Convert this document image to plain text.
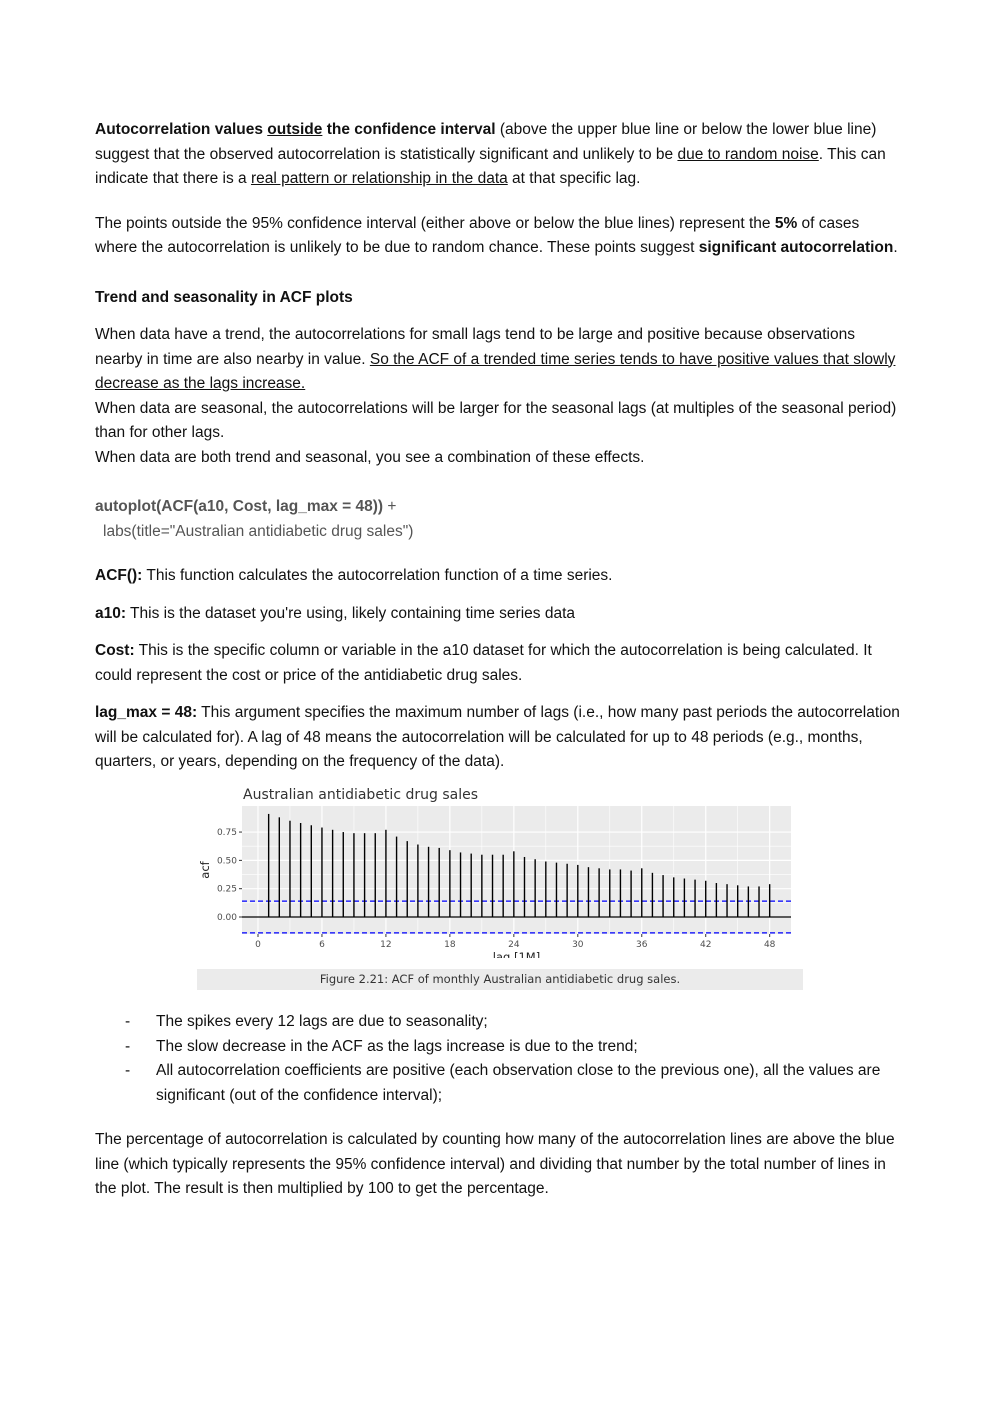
Autocorrelation values outside the confidence interval (above the upper blue line or below the lower blue line) suggest that the observed autocorrelation is statistically significant and unlikely to be due to random noise. This can indicate that there is a real pattern or relationship in the data at that specific lag.

The points outside the 95% confidence interval (either above or below the blue lines) represent the 5% of cases where the autocorrelation is unlikely to be due to random chance. These points suggest significant autocorrelation.

Trend and seasonality in ACF plots

When data have a trend, the autocorrelations for small lags tend to be large and positive because observations nearby in time are also nearby in value. So the ACF of a trended time series tends to have positive values that slowly decrease as the lags increase.

When data are seasonal, the autocorrelations will be larger for the seasonal lags (at multiples of the seasonal period) than for other lags.

When data are both trend and seasonal, you see a combination of these effects.

autoplot(ACF(a10, Cost, lag_max = 48)) +

labs(title="Australian antidiabetic drug sales")

ACF(): This function calculates the autocorrelation function of a time series.

a10: This is the dataset you're using, likely containing time series data

Cost: This is the specific column or variable in the a10 dataset for which the autocorrelation is being calculated. It could represent the cost or price of the antidiabetic drug sales.

lag_max = 48: This argument specifies the maximum number of lags (i.e., how many past periods the autocorrelation will be calculated for). A lag of 48 means the autocorrelation will be calculated for up to 48 periods (e.g., months, quarters, or years, depending on the frequency of the data).

Australian antidiabetic drug sales
0	6	12	18	24	30	36	42	48
0.00
0.25
0.50
0.75
lag [1M]
acf
Figure 2.21: ACF of monthly Australian antidiabetic drug sales.
- The spikes every 12 lags are due to seasonality;
- The slow decrease in the ACF as the lags increase is due to the trend;
- All autocorrelation coefficients are positive (each observation close to the previous one), all the values are significant (out of the confidence interval);

The percentage of autocorrelation is calculated by counting how many of the autocorrelation lines are above the blue line (which typically represents the 95% confidence interval) and dividing that number by the total number of lines in the plot. The result is then multiplied by 100 to get the percentage.
